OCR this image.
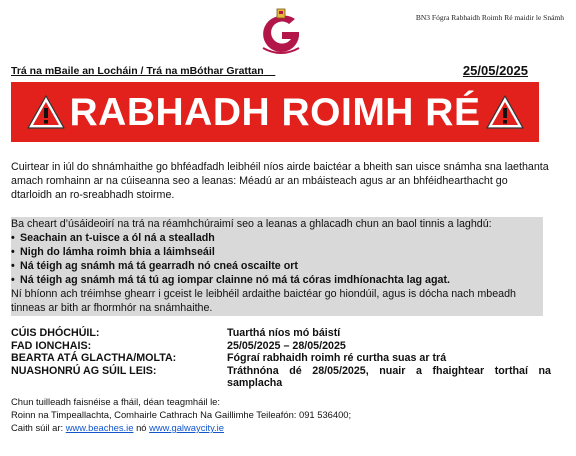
BN3 Fógra Rabhaidh Roimh Ré maidir le Snámh
Trá na mBaile an Locháin / Trá na mBóthar Grattan	25/05/2025
RABHADH ROIMH RÉ

Cuirtear in iúl do shnámhaithe go bhféadfadh leibhéil níos airde baictéar a bheith san uisce snámha sna laethanta amach romhainn ar na cúiseanna seo a leanas: Méadú ar an mbáisteach agus ar an bhféidhearthacht go dtarloidh an ro-sreabhadh stoirme.

Ba cheart d’úsáideoirí na trá na réamhchúraimí seo a leanas a ghlacadh chun an baol tinnis a laghdú:

• Seachain an t-uisce a ól ná a stealladh
• Nigh do lámha roimh bhia a láimhseáil
• Ná téigh ag snámh má tá gearradh nó cneá oscailte ort
• Ná téigh ag snámh má tá tú ag iompar clainne nó má tá córas imdhíonachta lag agat.

Ní bhíonn ach tréimhse ghearr i gceist le leibhéil ardaithe baictéar go hiondúil, agus is dócha nach mbeadh tinneas ar bith ar fhormhór na snámhaithe.

CÚIS DHÓCHÚIL:	Tuarthá níos mó báistí
FAD IONCHAIS:	25/05/2025 – 28/05/2025
BEARTA ATÁ GLACTHA/MOLTA:	Fógraí rabhaidh roimh ré curtha suas ar trá
NUASHONRÚ AG SÚIL LEIS:	Tráthnóna dé 28/05/2025, nuair a fhaightear torthaí na samplacha
Chun tuilleadh faisnéise a fháil, déan teagmháil le:
Roinn na Timpeallachta, Comhairle Cathrach Na Gaillimhe Teileafón: 091 536400;
Caith súil ar: www.beaches.ie nó www.galwaycity.ie
